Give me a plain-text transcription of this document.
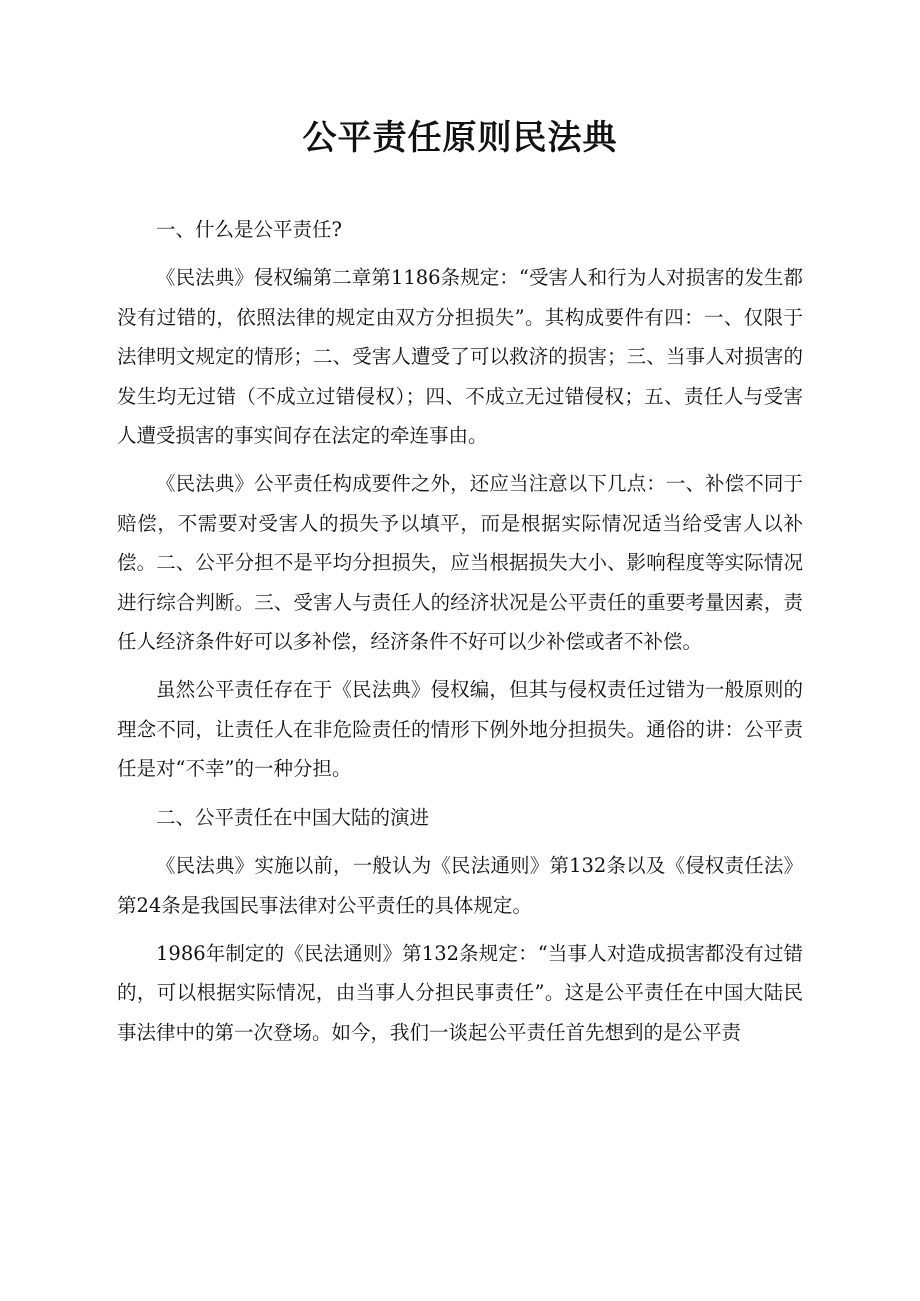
公平责任原则民法典

一、什么是公平责任?

《民法典》侵权编第二章第1186条规定：“受害人和行为人对损害的发生都没有过错的，依照法律的规定由双方分担损失”。其构成要件有四：一、仅限于法律明文规定的情形；二、受害人遭受了可以救济的损害；三、当事人对损害的发生均无过错（不成立过错侵权）；四、不成立无过错侵权；五、责任人与受害人遭受损害的事实间存在法定的牵连事由。

《民法典》公平责任构成要件之外，还应当注意以下几点：一、补偿不同于赔偿，不需要对受害人的损失予以填平，而是根据实际情况适当给受害人以补偿。二、公平分担不是平均分担损失，应当根据损失大小、影响程度等实际情况进行综合判断。三、受害人与责任人的经济状况是公平责任的重要考量因素，责任人经济条件好可以多补偿，经济条件不好可以少补偿或者不补偿。

虽然公平责任存在于《民法典》侵权编，但其与侵权责任过错为一般原则的理念不同，让责任人在非危险责任的情形下例外地分担损失。通俗的讲：公平责任是对“不幸”的一种分担。

二、公平责任在中国大陆的演进

《民法典》实施以前，一般认为《民法通则》第132条以及《侵权责任法》第24条是我国民事法律对公平责任的具体规定。

1986年制定的《民法通则》第132条规定：“当事人对造成损害都没有过错的，可以根据实际情况，由当事人分担民事责任”。这是公平责任在中国大陆民事法律中的第一次登场。如今，我们一谈起公平责任首先想到的是公平责
